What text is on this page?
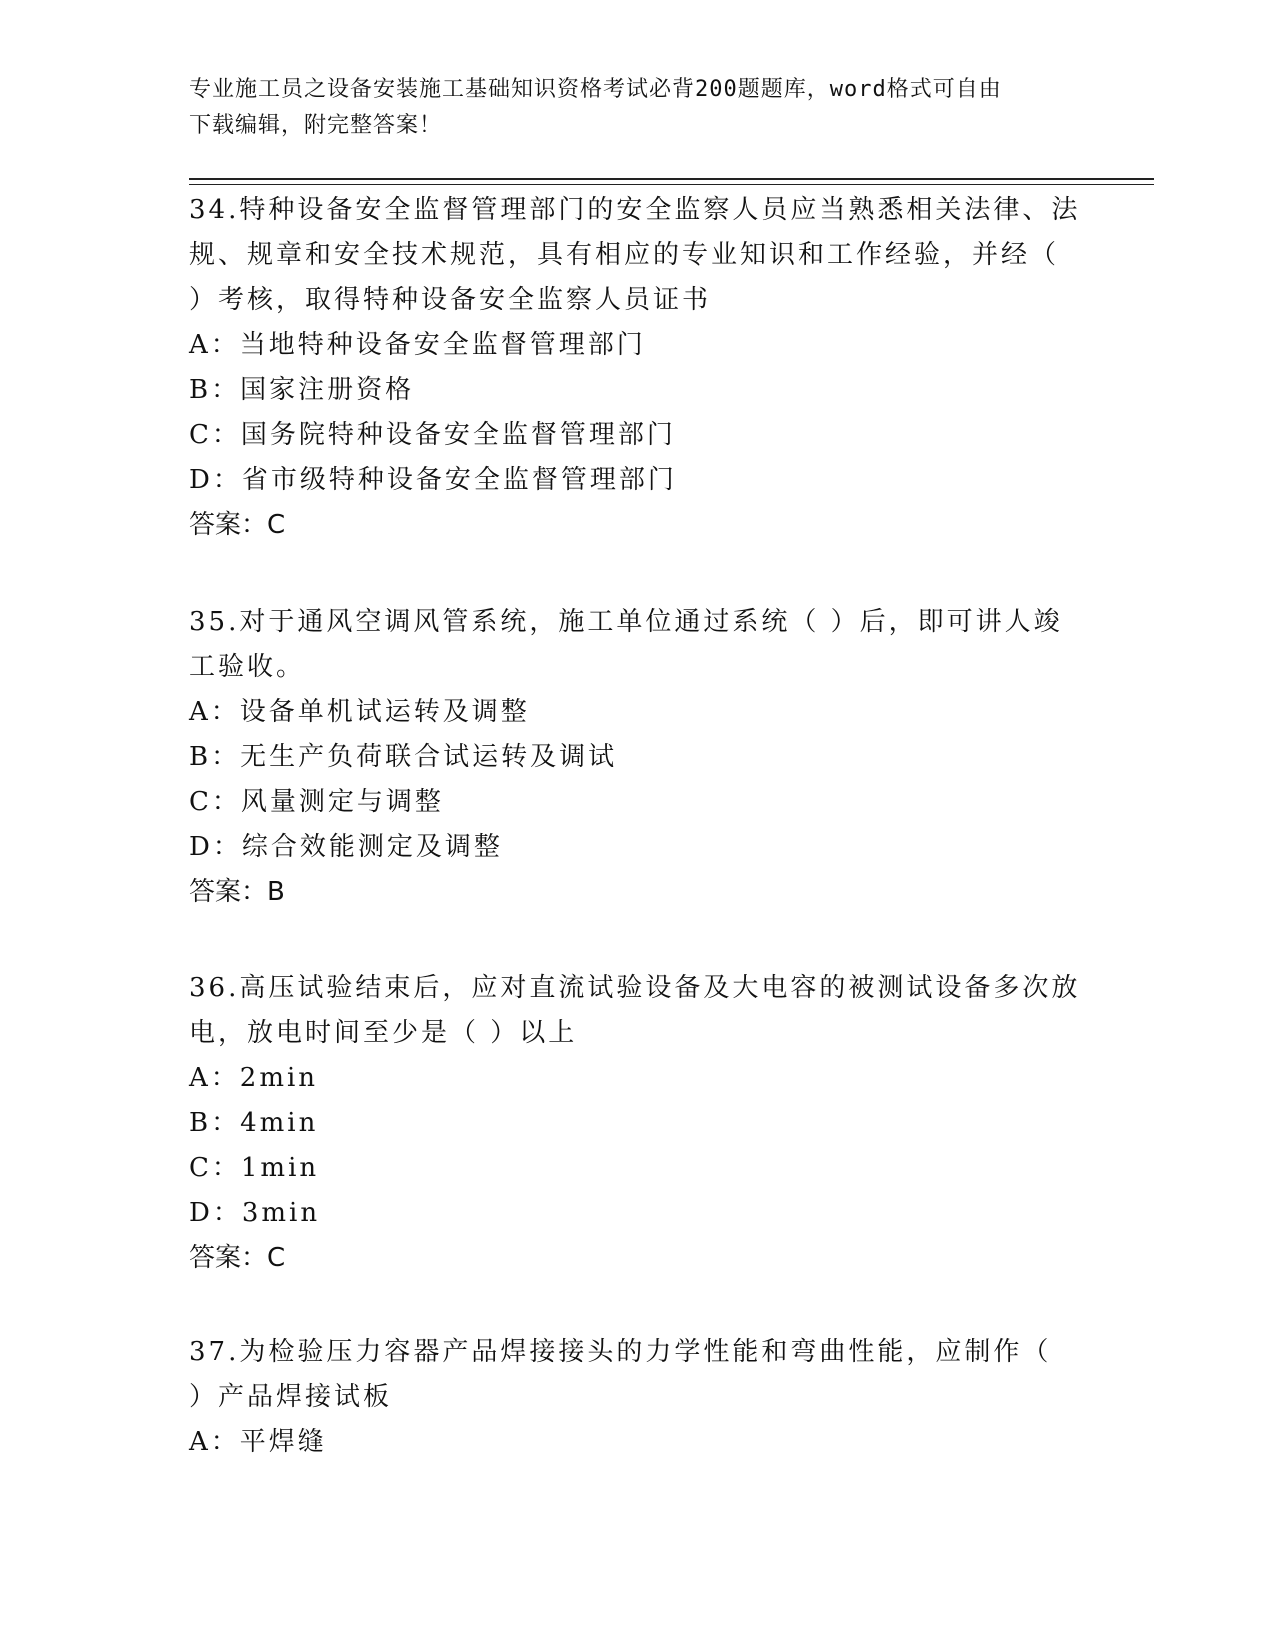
专业施工员之设备安装施工基础知识资格考试必背200题题库，word格式可自由
下载编辑，附完整答案！
34.特种设备安全监督管理部门的安全监察人员应当熟悉相关法律、法
规、规章和安全技术规范，具有相应的专业知识和工作经验，并经（
）考核，取得特种设备安全监察人员证书
A：当地特种设备安全监督管理部门
B：国家注册资格
C：国务院特种设备安全监督管理部门
D：省市级特种设备安全监督管理部门
答案：C
35.对于通风空调风管系统，施工单位通过系统（ ）后，即可讲人竣
工验收。
A：设备单机试运转及调整
B：无生产负荷联合试运转及调试
C：风量测定与调整
D：综合效能测定及调整
答案：B
36.高压试验结束后，应对直流试验设备及大电容的被测试设备多次放
电，放电时间至少是（ ）以上
A：2min
B：4min
C：1min
D：3min
答案：C
37.为检验压力容器产品焊接接头的力学性能和弯曲性能，应制作（
）产品焊接试板
A：平焊缝
